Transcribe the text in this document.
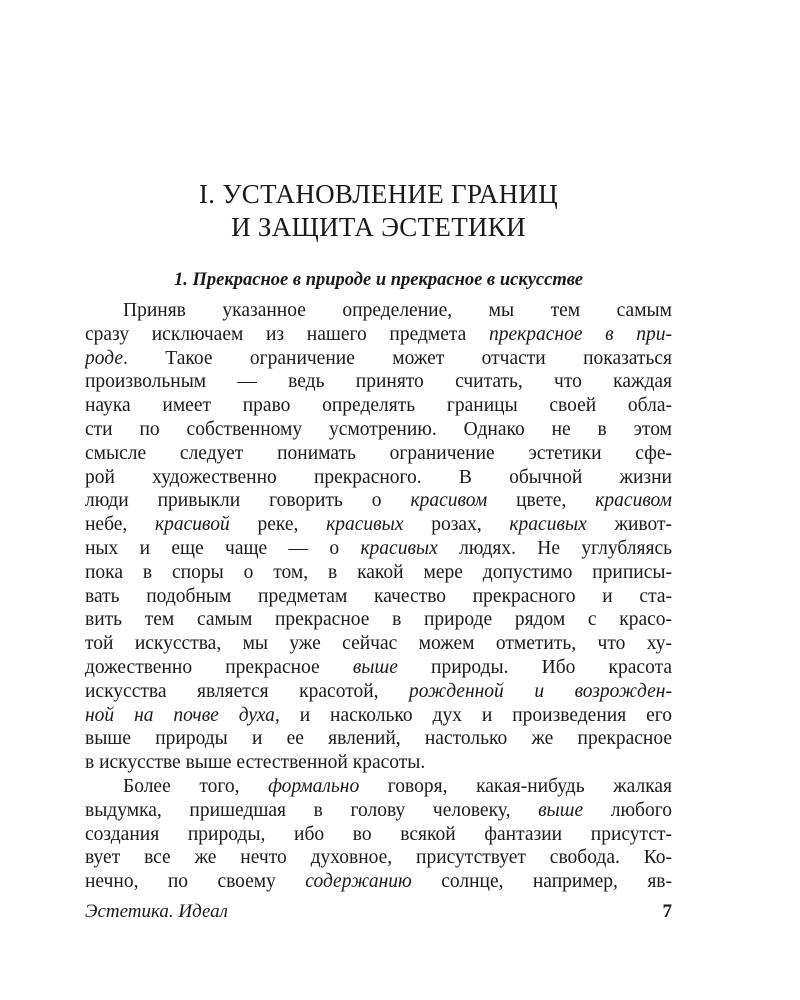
I. УСТАНОВЛЕНИЕ ГРАНИЦ
И ЗАЩИТА ЭСТЕТИКИ
1. Прекрасное в природе и прекрасное в искусстве
Приняв указанное определение, мы тем самым
сразу исключаем из нашего предмета прекрасное в при-
роде. Такое ограничение может отчасти показаться
произвольным — ведь принято считать, что каждая
наука имеет право определять границы своей обла-
сти по собственному усмотрению. Однако не в этом
смысле следует понимать ограничение эстетики сфе-
рой художественно прекрасного. В обычной жизни
люди привыкли говорить о красивом цвете, красивом
небе, красивой реке, красивых розах, красивых живот-
ных и еще чаще — о красивых людях. Не углубляясь
пока в споры о том, в какой мере допустимо приписы-
вать подобным предметам качество прекрасного и ста-
вить тем самым прекрасное в природе рядом с красо-
той искусства, мы уже сейчас можем отметить, что ху-
дожественно прекрасное выше природы. Ибо красота
искусства является красотой, рожденной и возрожден-
ной на почве духа, и насколько дух и произведения его
выше природы и ее явлений, настолько же прекрасное
в искусстве выше естественной красоты.
Более того, формально говоря, какая-нибудь жалкая
выдумка, пришедшая в голову человеку, выше любого
создания природы, ибо во всякой фантазии присутст-
вует все же нечто духовное, присутствует свобода. Ко-
нечно, по своему содержанию солнце, например, яв-
Эстетика. Идеал	7
